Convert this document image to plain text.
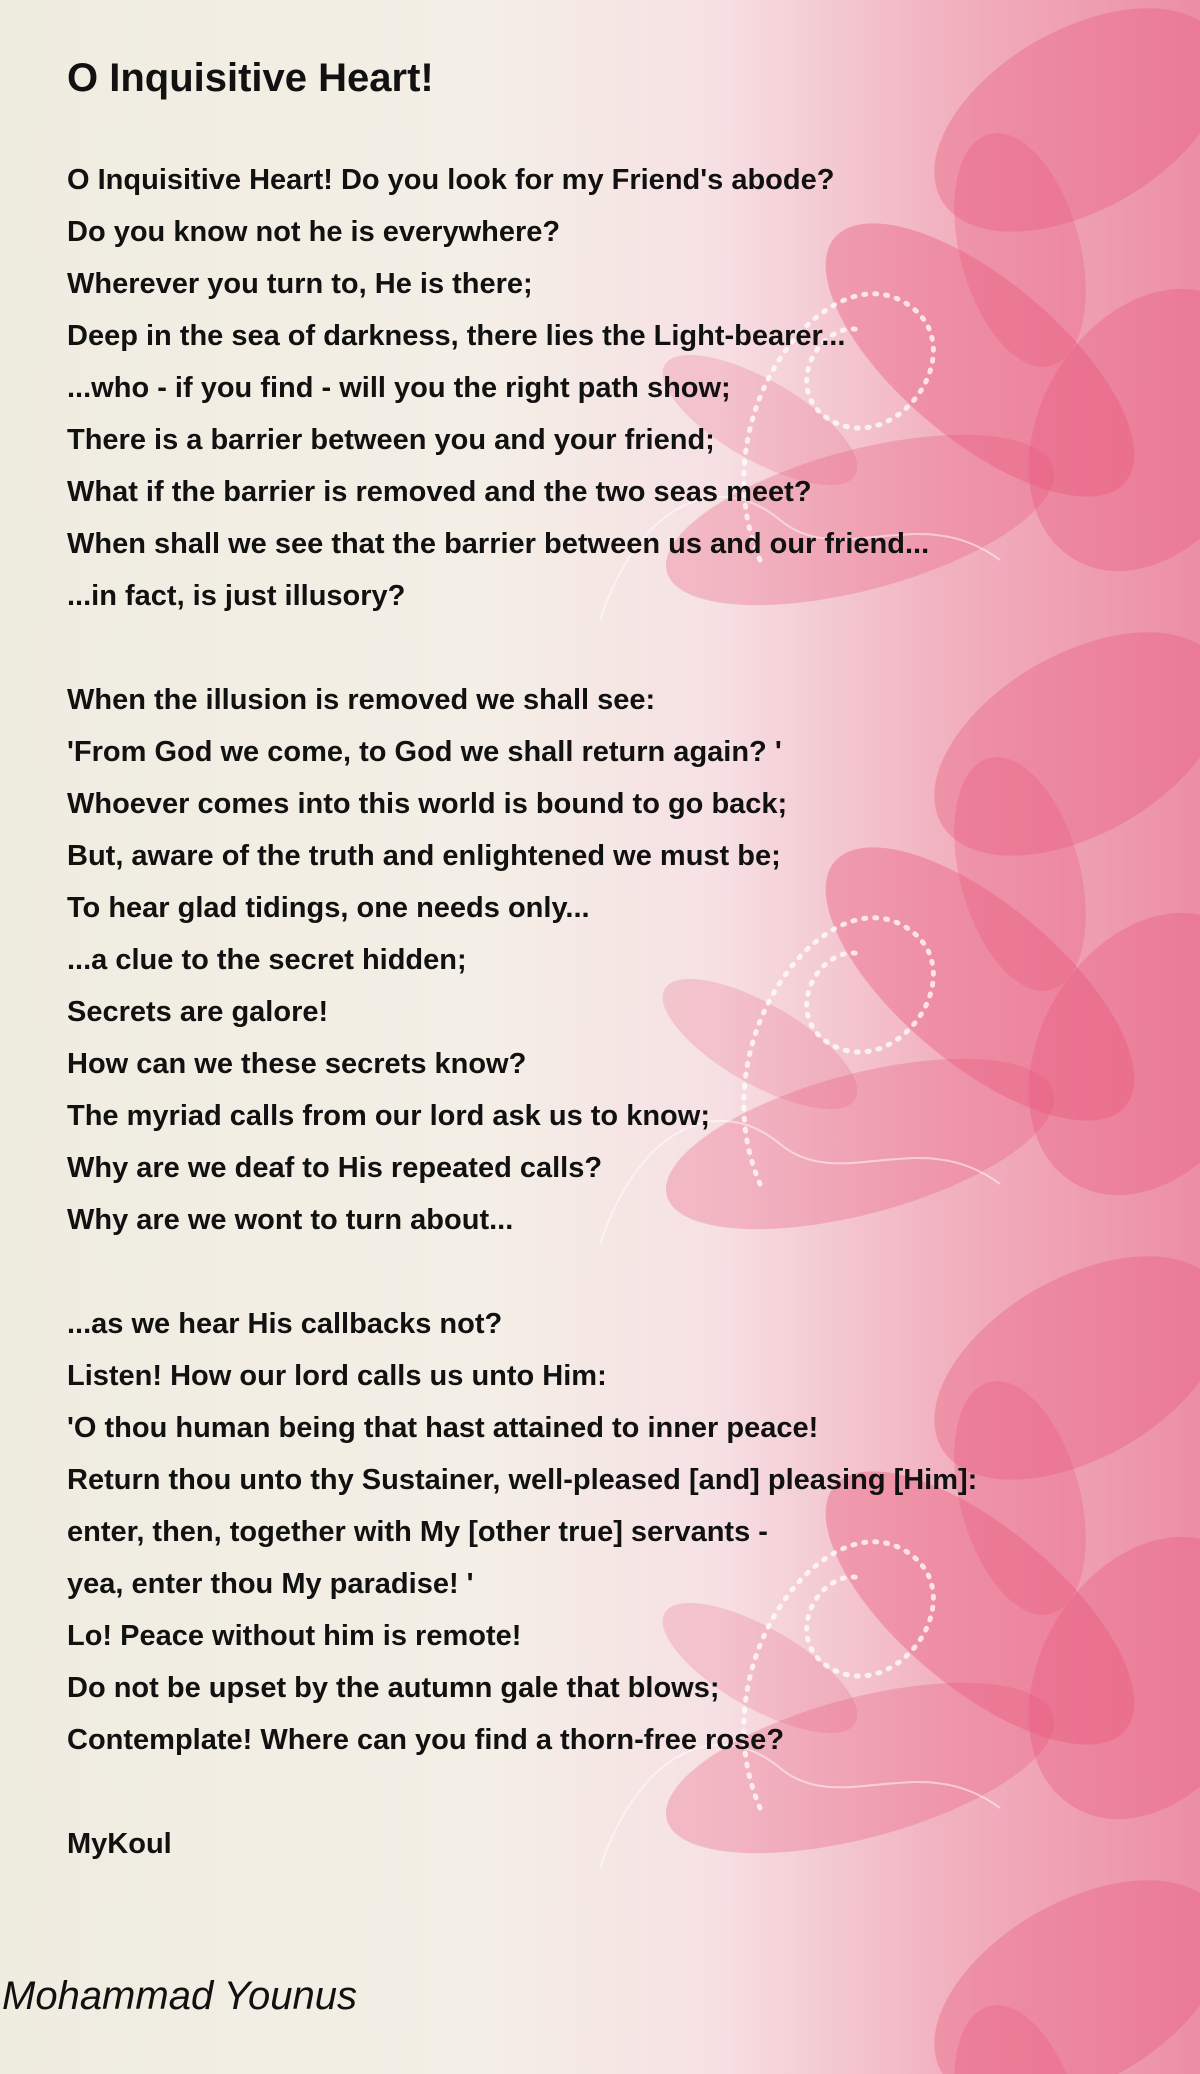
O Inquisitive Heart!
O Inquisitive Heart! Do you look for my Friend's abode?
Do you know not he is everywhere?
Wherever you turn to, He is there;
Deep in the sea of darkness, there lies the Light-bearer...
...who - if you find - will you the right path show;
There is a barrier between you and your friend;
What if the barrier is removed and the two seas meet?
When shall we see that the barrier between us and our friend...
...in fact, is just illusory?
When the illusion is removed we shall see:
'From God we come, to God we shall return again? '
Whoever comes into this world is bound to go back;
But, aware of the truth and enlightened we must be;
To hear glad tidings, one needs only...
...a clue to the secret hidden;
Secrets are galore!
How can we these secrets know?
The myriad calls from our lord ask us to know;
Why are we deaf to His repeated calls?
Why are we wont to turn about...
...as we hear His callbacks not?
Listen! How our lord calls us unto Him:
'O thou human being that hast attained to inner peace!
Return thou unto thy Sustainer, well-pleased [and] pleasing [Him]:
enter, then, together with My [other true] servants -
yea, enter thou My paradise! '
Lo! Peace without him is remote!
Do not be upset by the autumn gale that blows;
Contemplate! Where can you find a thorn-free rose?
MyKoul

Mohammad Younus
